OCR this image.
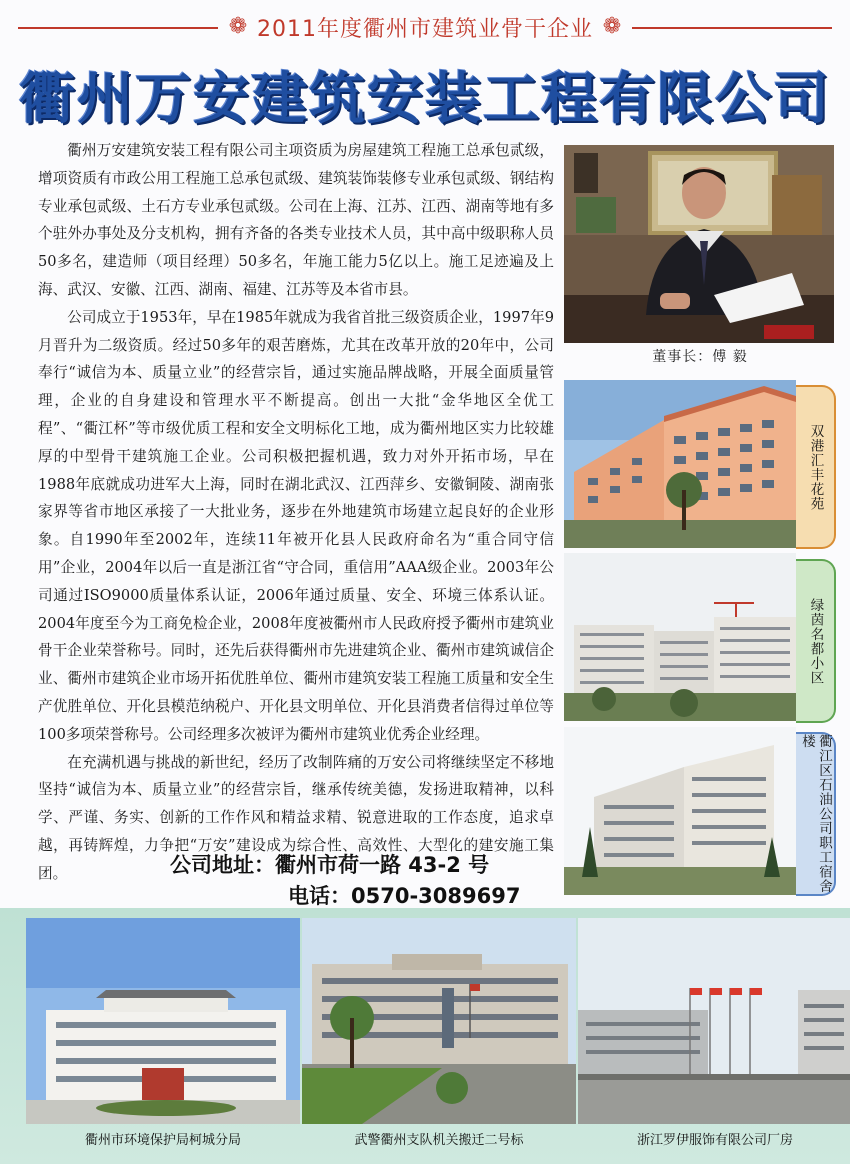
❁	❁
2011年度衢州市建筑业骨干企业
衢州万安建筑安装工程有限公司

衢州万安建筑安装工程有限公司主项资质为房屋建筑工程施工总承包贰级，增项资质有市政公用工程施工总承包贰级、建筑装饰装修专业承包贰级、钢结构专业承包贰级、土石方专业承包贰级。公司在上海、江苏、江西、湖南等地有多个驻外办事处及分支机构，拥有齐备的各类专业技术人员，其中高中级职称人员50多名，建造师（项目经理）50多名，年施工能力5亿以上。施工足迹遍及上海、武汉、安徽、江西、湖南、福建、江苏等及本省市县。

公司成立于1953年，早在1985年就成为我省首批三级资质企业，1997年9月晋升为二级资质。经过50多年的艰苦磨炼，尤其在改革开放的20年中，公司奉行“诚信为本、质量立业”的经营宗旨，通过实施品牌战略，开展全面质量管理，企业的自身建设和管理水平不断提高。创出一大批“金华地区全优工程”、“衢江杯”等市级优质工程和安全文明标化工地，成为衢州地区实力比较雄厚的中型骨干建筑施工企业。公司积极把握机遇，致力对外开拓市场，早在1988年底就成功进军大上海，同时在湖北武汉、江西萍乡、安徽铜陵、湖南张家界等省市地区承接了一大批业务，逐步在外地建筑市场建立起良好的企业形象。自1990年至2002年，连续11年被开化县人民政府命名为“重合同守信用”企业，2004年以后一直是浙江省“守合同，重信用”AAA级企业。2003年公司通过ISO9000质量体系认证，2006年通过质量、安全、环境三体系认证。2004年度至今为工商免检企业，2008年度被衢州市人民政府授予衢州市建筑业骨干企业荣誉称号。同时，还先后获得衢州市先进建筑企业、衢州市建筑诚信企业、衢州市建筑企业市场开拓优胜单位、衢州市建筑安装工程施工质量和安全生产优胜单位、开化县模范纳税户、开化县文明单位、开化县消费者信得过单位等100多项荣誉称号。公司经理多次被评为衢州市建筑业优秀企业经理。

在充满机遇与挑战的新世纪，经历了改制阵痛的万安公司将继续坚定不移地坚持“诚信为本、质量立业”的经营宗旨，继承传统美德，发扬进取精神，以科学、严谨、务实、创新的工作作风和精益求精、锐意进取的工作态度，追求卓越，再铸辉煌，力争把“万安”建设成为综合性、高效性、大型化的建安施工集团。	公司地址：衢州市荷一路 43-2 号
电话：0570-3089697
董事长：傅 毅
双港汇丰花苑
绿茵名都小区
衢江区石油公司职工宿舍楼
衢州市环境保护局柯城分局	武警衢州支队机关搬迁二号标	浙江罗伊服饰有限公司厂房
